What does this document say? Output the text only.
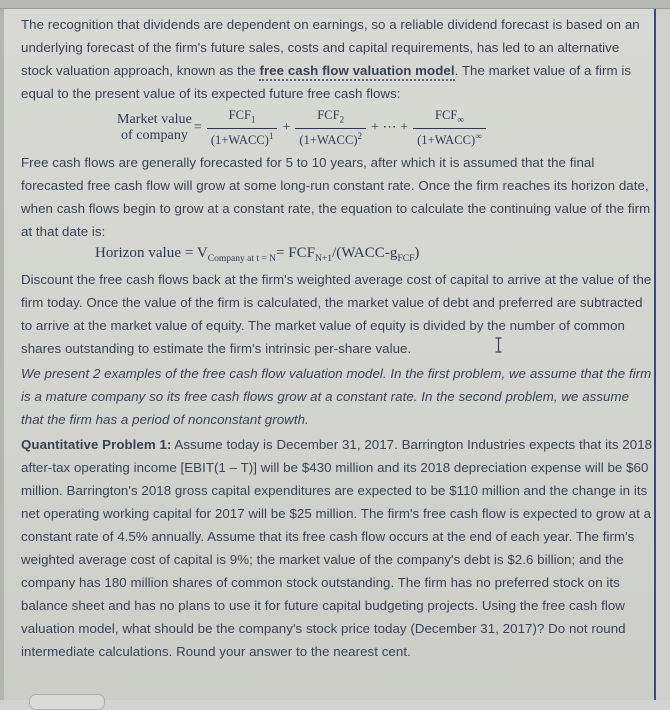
The recognition that dividends are dependent on earnings, so a reliable dividend forecast is based on an underlying forecast of the firm's future sales, costs and capital requirements, has led to an alternative stock valuation approach, known as the free cash flow valuation model. The market value of a firm is equal to the present value of its expected future free cash flows:

Market value
of company
= $\frac{FCF_1}{(1+WACC)^1} + \frac{FCF_2}{(1+WACC)^2}$ + ⋯ + $\frac{FCF_\infty}{(1+WACC)^\infty}$

Free cash flows are generally forecasted for 5 to 10 years, after which it is assumed that the final forecasted free cash flow will grow at some long-run constant rate. Once the firm reaches its horizon date, when cash flows begin to grow at a constant rate, the equation to calculate the continuing value of the firm at that date is:

Horizon value = $V_{Company at t = N}=$ $FCF_{N+1}/(WACC-g_{FCF})$

Discount the free cash flows back at the firm's weighted average cost of capital to arrive at the value of the firm today. Once the value of the firm is calculated, the market value of debt and preferred are subtracted to arrive at the market value of equity. The market value of equity is divided by the number of common shares outstanding to estimate the firm's intrinsic per-share value.

We present 2 examples of the free cash flow valuation model. In the first problem, we assume that the firm is a mature company so its free cash flows grow at a constant rate. In the second problem, we assume that the firm has a period of nonconstant growth.

Quantitative Problem 1: Assume today is December 31, 2017. Barrington Industries expects that its 2018 after-tax operating income [EBIT(1 – T)] will be $430 million and its 2018 depreciation expense will be $60 million. Barrington's 2018 gross capital expenditures are expected to be $110 million and the change in its net operating working capital for 2017 will be $25 million. The firm's free cash flow is expected to grow at a constant rate of 4.5% annually. Assume that its free cash flow occurs at the end of each year. The firm's weighted average cost of capital is 9%; the market value of the company's debt is $2.6 billion; and the company has 180 million shares of common stock outstanding. The firm has no preferred stock on its balance sheet and has no plans to use it for future capital budgeting projects. Using the free cash flow valuation model, what should be the company's stock price today (December 31, 2017)? Do not round intermediate calculations. Round your answer to the nearest cent.
